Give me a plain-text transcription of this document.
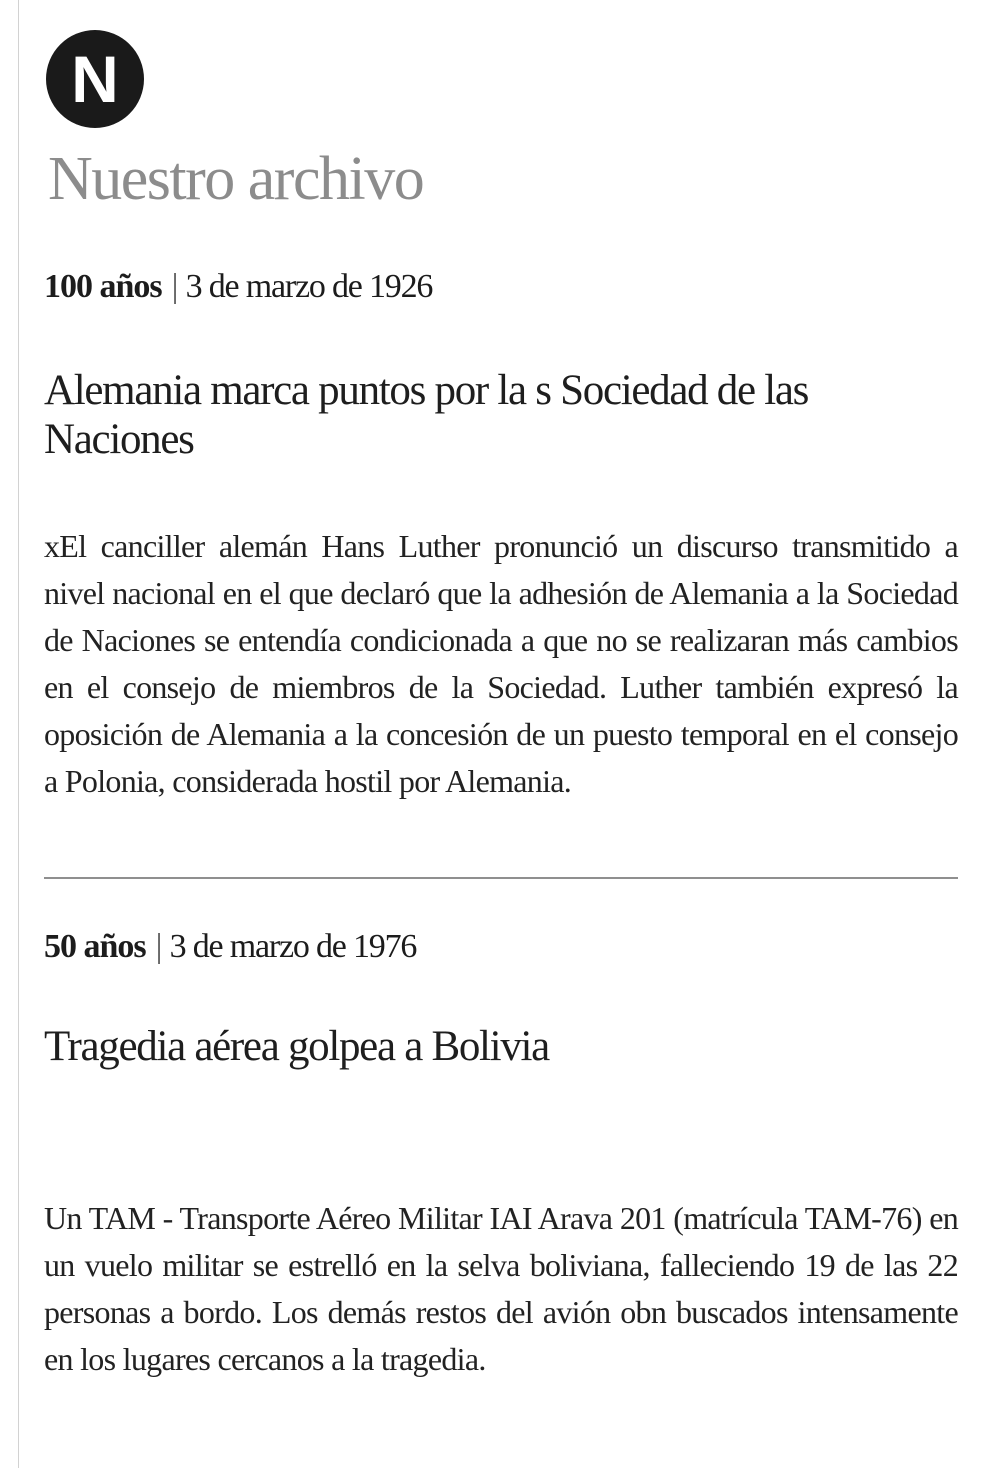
N
Nuestro archivo
100 años | 3 de marzo de 1926
Alemania marca puntos por la s Sociedad de las Naciones

xEl canciller alemán Hans Luther pronunció un discurso transmitido a nivel nacional en el que declaró que la adhesión de Alemania a la Sociedad de Naciones se entendía condicionada a que no se realizaran más cambios en el consejo de miembros de la Sociedad. Luther también expresó la oposición de Alemania a la concesión de un puesto temporal en el consejo a Polonia, considerada hostil por Alemania.

50 años | 3 de marzo de 1976
Tragedia aérea golpea a Bolivia

Un TAM - Transporte Aéreo Militar IAI Arava 201 (matrícula TAM-76) en un vuelo militar se estrelló en la selva boliviana, falleciendo 19 de las 22 personas a bordo. Los demás restos del avión obn buscados intensamente en los lugares cercanos a la tragedia.
